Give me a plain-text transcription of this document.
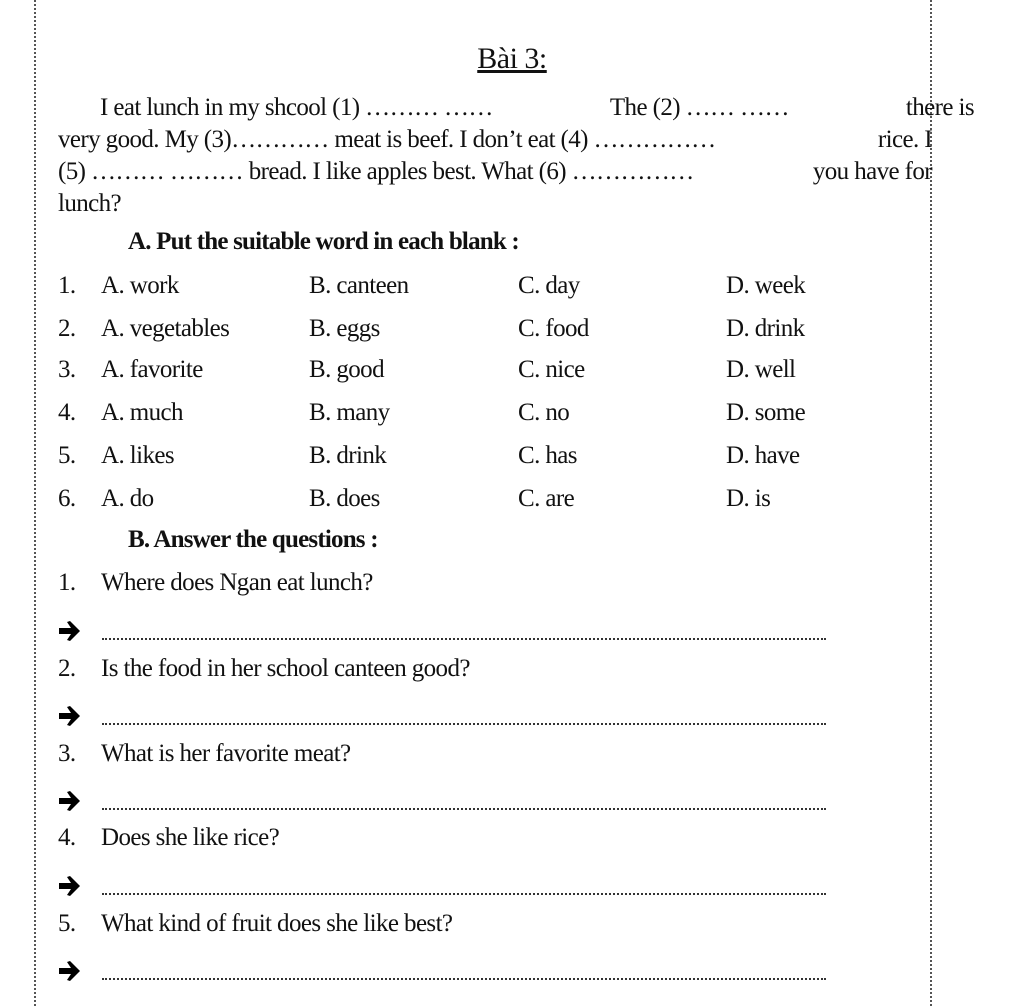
Bài 3:
I eat lunch in my shcool (1) ……… ……	The (2) …… ……	there is
very good. My (3)………… meat is beef. I don’t eat (4) ……………	rice. I
(5) ……… ……… bread. I like apples best. What (6) ……………	you have for
lunch?
A. Put the suitable word in each blank :
1. A. work	B. canteen	C. day	D. week
2. A. vegetables	B. eggs	C. food	D. drink
3. A. favorite	B. good	C. nice	D. well
4. A. much	B. many	C. no	D. some
5. A. likes	B. drink	C. has	D. have
6. A. do	B. does	C. are	D. is
B. Answer the questions :
1. Where does Ngan eat lunch?
2. Is the food in her school canteen good?
3. What is her favorite meat?
4. Does she like rice?
5. What kind of fruit does she like best?
